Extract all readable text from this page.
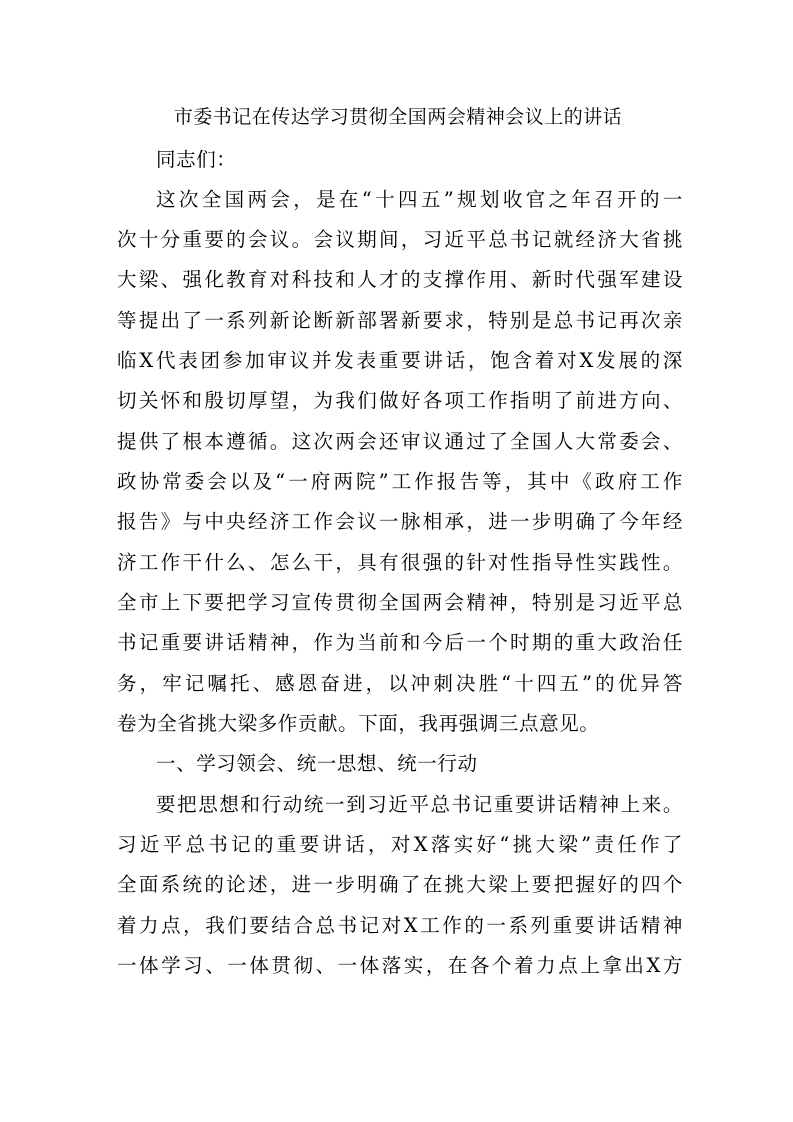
市委书记在传达学习贯彻全国两会精神会议上的讲话
同志们：
这次全国两会，是在“十四五”规划收官之年召开的一
次十分重要的会议。会议期间，习近平总书记就经济大省挑
大梁、强化教育对科技和人才的支撑作用、新时代强军建设
等提出了一系列新论断新部署新要求，特别是总书记再次亲
临X代表团参加审议并发表重要讲话，饱含着对X发展的深
切关怀和殷切厚望，为我们做好各项工作指明了前进方向、
提供了根本遵循。这次两会还审议通过了全国人大常委会、
政协常委会以及“一府两院”工作报告等，其中《政府工作
报告》与中央经济工作会议一脉相承，进一步明确了今年经
济工作干什么、怎么干，具有很强的针对性指导性实践性。
全市上下要把学习宣传贯彻全国两会精神，特别是习近平总
书记重要讲话精神，作为当前和今后一个时期的重大政治任
务，牢记嘱托、感恩奋进，以冲刺决胜“十四五”的优异答
卷为全省挑大梁多作贡献。下面，我再强调三点意见。
一、学习领会、统一思想、统一行动
要把思想和行动统一到习近平总书记重要讲话精神上来。
习近平总书记的重要讲话，对X落实好“挑大梁”责任作了
全面系统的论述，进一步明确了在挑大梁上要把握好的四个
着力点，我们要结合总书记对X工作的一系列重要讲话精神
一体学习、一体贯彻、一体落实，在各个着力点上拿出X方
